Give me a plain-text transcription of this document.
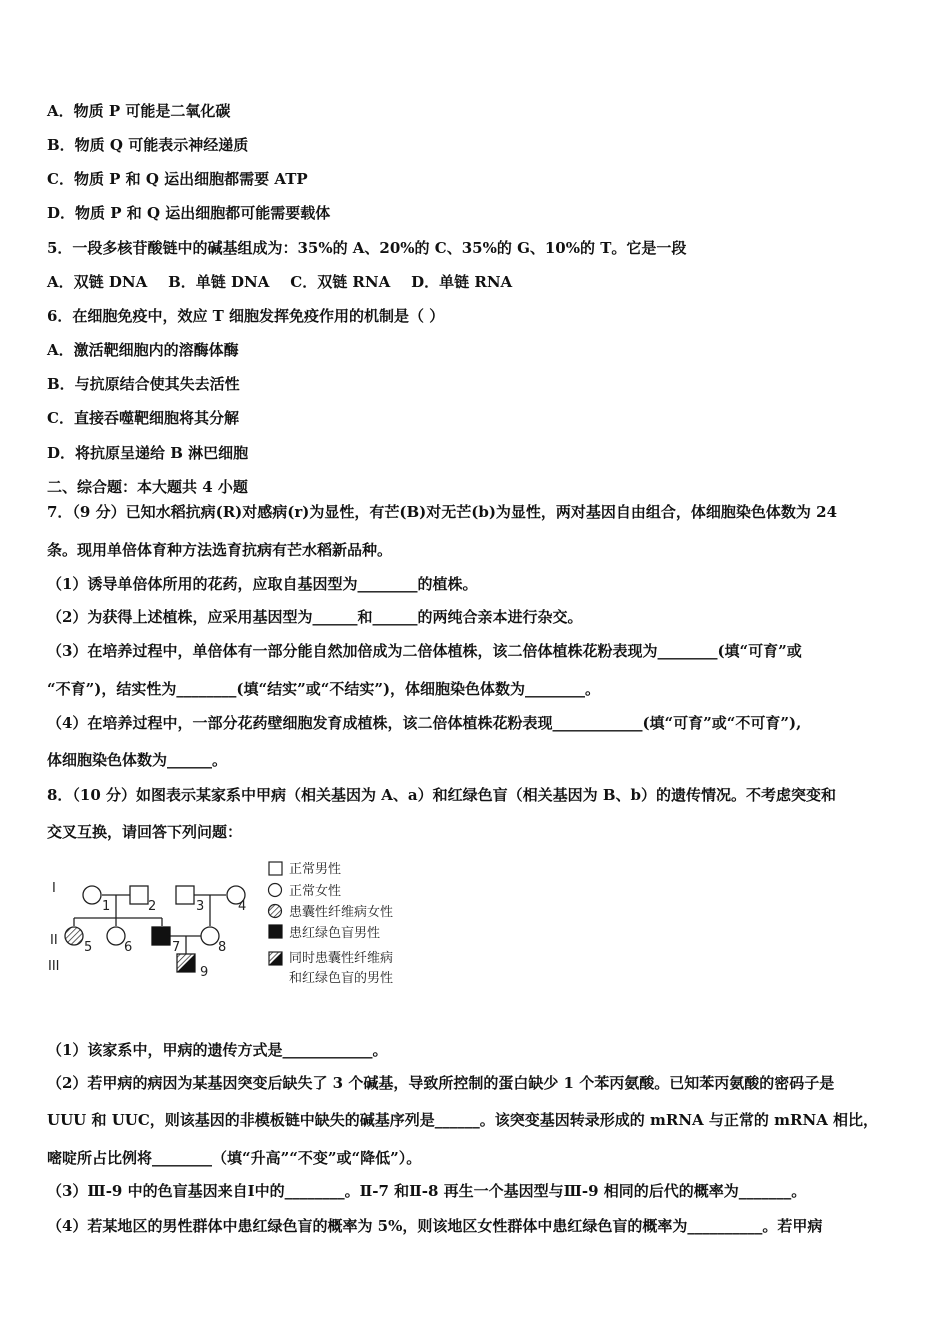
A．物质 P 可能是二氧化碳
B．物质 Q 可能表示神经递质
C．物质 P 和 Q 运出细胞都需要 ATP
D．物质 P 和 Q 运出细胞都可能需要载体
5．一段多核苷酸链中的碱基组成为：35%的 A、20%的 C、35%的 G、10%的 T。它是一段
A．双链 DNA    B．单链 DNA    C．双链 RNA    D．单链 RNA
6．在细胞免疫中，效应 T 细胞发挥免疫作用的机制是（ ）
A．激活靶细胞内的溶酶体酶
B．与抗原结合使其失去活性
C．直接吞噬靶细胞将其分解
D．将抗原呈递给 B 淋巴细胞
二、综合题：本大题共 4 小题
7．（9 分）已知水稻抗病(R)对感病(r)为显性，有芒(B)对无芒(b)为显性，两对基因自由组合，体细胞染色体数为 24
条。现用单倍体育种方法选育抗病有芒水稻新品种。
（1）诱导单倍体所用的花药，应取自基因型为________的植株。
（2）为获得上述植株，应采用基因型为______和______的两纯合亲本进行杂交。
（3）在培养过程中，单倍体有一部分能自然加倍成为二倍体植株，该二倍体植株花粉表现为________(填“可育”或
“不育”)，结实性为________(填“结实”或“不结实”)，体细胞染色体数为________。
（4）在培养过程中，一部分花药壁细胞发育成植株，该二倍体植株花粉表现____________(填“可育”或“不可育”),
体细胞染色体数为______。
8．（10 分）如图表示某家系中甲病（相关基因为 A、a）和红绿色盲（相关基因为 B、b）的遗传情况。不考虑突变和
交叉互换，请回答下列问题：
I
II
III
1	2	3	4
5 6	7	8
9
正常男性
正常女性
患囊性纤维病女性
患红绿色盲男性
同时患囊性纤维病
和红绿色盲的男性
（1）该家系中，甲病的遗传方式是____________。
（2）若甲病的病因为某基因突变后缺失了 3 个碱基，导致所控制的蛋白缺少 1 个苯丙氨酸。已知苯丙氨酸的密码子是
UUU 和 UUC，则该基因的非模板链中缺失的碱基序列是______。该突变基因转录形成的 mRNA 与正常的 mRNA 相比，
嘧啶所占比例将________（填“升高”“不变”或“降低”）。
（3）Ⅲ-9 中的色盲基因来自Ⅰ中的________。Ⅱ-7 和Ⅱ-8 再生一个基因型与Ⅲ-9 相同的后代的概率为_______。
（4）若某地区的男性群体中患红绿色盲的概率为 5%，则该地区女性群体中患红绿色盲的概率为__________。若甲病
